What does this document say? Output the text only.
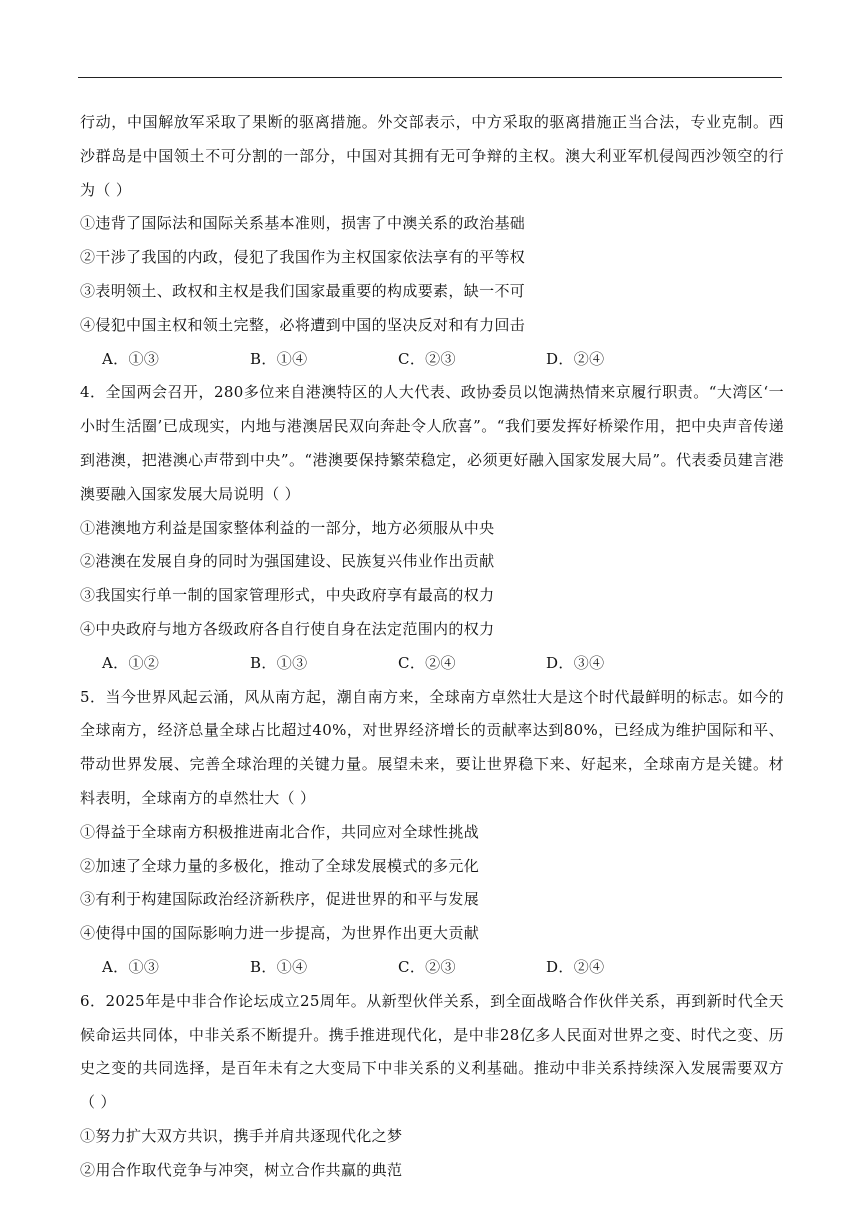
行动，中国解放军采取了果断的驱离措施。外交部表示，中方采取的驱离措施正当合法，专业克制。西沙群岛是中国领土不可分割的一部分，中国对其拥有无可争辩的主权。澳大利亚军机侵闯西沙领空的行为（ ）

①违背了国际法和国际关系基本准则，损害了中澳关系的政治基础

②干涉了我国的内政，侵犯了我国作为主权国家依法享有的平等权

③表明领土、政权和主权是我们国家最重要的构成要素，缺一不可

④侵犯中国主权和领土完整，必将遭到中国的坚决反对和有力回击

A．①③	B．①④	C．②③	D．②④

4．全国两会召开，280多位来自港澳特区的人大代表、政协委员以饱满热情来京履行职责。“大湾区‘一小时生活圈’已成现实，内地与港澳居民双向奔赴令人欣喜”。“我们要发挥好桥梁作用，把中央声音传递到港澳，把港澳心声带到中央”。“港澳要保持繁荣稳定，必须更好融入国家发展大局”。代表委员建言港澳要融入国家发展大局说明（ ）

①港澳地方利益是国家整体利益的一部分，地方必须服从中央

②港澳在发展自身的同时为强国建设、民族复兴伟业作出贡献

③我国实行单一制的国家管理形式，中央政府享有最高的权力

④中央政府与地方各级政府各自行使自身在法定范围内的权力

A．①②	B．①③	C．②④	D．③④

5．当今世界风起云涌，风从南方起，潮自南方来，全球南方卓然壮大是这个时代最鲜明的标志。如今的全球南方，经济总量全球占比超过40%，对世界经济增长的贡献率达到80%，已经成为维护国际和平、带动世界发展、完善全球治理的关键力量。展望未来，要让世界稳下来、好起来，全球南方是关键。材料表明，全球南方的卓然壮大（ ）

①得益于全球南方积极推进南北合作，共同应对全球性挑战

②加速了全球力量的多极化，推动了全球发展模式的多元化

③有利于构建国际政治经济新秩序，促进世界的和平与发展

④使得中国的国际影响力进一步提高，为世界作出更大贡献

A．①③	B．①④	C．②③	D．②④

6．2025年是中非合作论坛成立25周年。从新型伙伴关系，到全面战略合作伙伴关系，再到新时代全天候命运共同体，中非关系不断提升。携手推进现代化，是中非28亿多人民面对世界之变、时代之变、历史之变的共同选择，是百年未有之大变局下中非关系的义利基础。推动中非关系持续深入发展需要双方（ ）

①努力扩大双方共识，携手并肩共逐现代化之梦

②用合作取代竞争与冲突，树立合作共赢的典范
